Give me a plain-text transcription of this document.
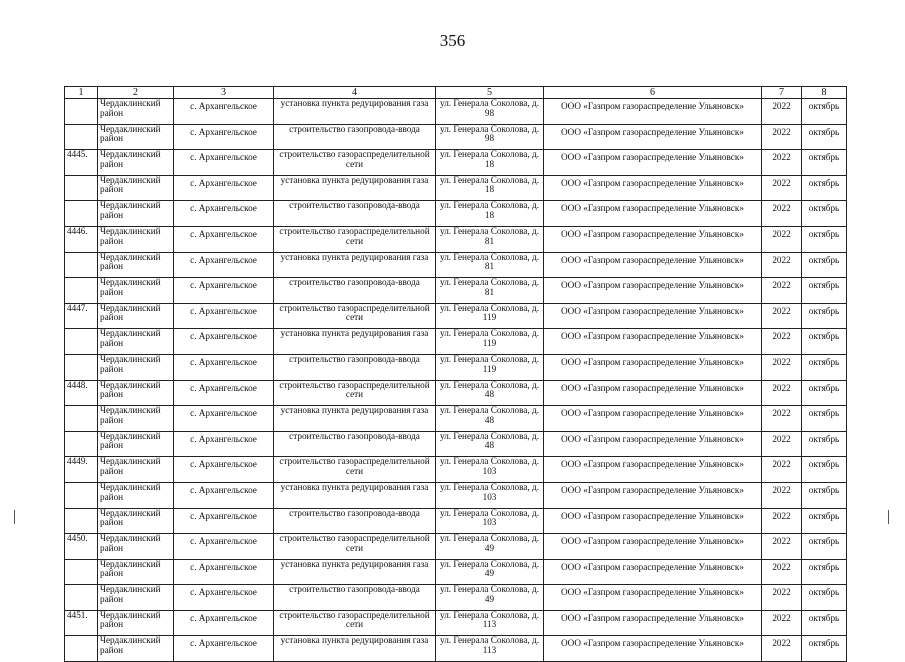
356
1	2	3	4	5	6	7	8
	Чердаклинский район	с. Архангельское	установка пункта редуцирования газа	ул. Генерала Соколова, д. 98	ООО «Газпром газораспределение Ульяновск»	2022	октябрь
	Чердаклинский район	с. Архангельское	строительство газопровода-ввода	ул. Генерала Соколова, д. 98	ООО «Газпром газораспределение Ульяновск»	2022	октябрь
4445.	Чердаклинский район	с. Архангельское	строительство газораспределительной сети	ул. Генерала Соколова, д. 18	ООО «Газпром газораспределение Ульяновск»	2022	октябрь
	Чердаклинский район	с. Архангельское	установка пункта редуцирования газа	ул. Генерала Соколова, д. 18	ООО «Газпром газораспределение Ульяновск»	2022	октябрь
	Чердаклинский район	с. Архангельское	строительство газопровода-ввода	ул. Генерала Соколова, д. 18	ООО «Газпром газораспределение Ульяновск»	2022	октябрь
4446.	Чердаклинский район	с. Архангельское	строительство газораспределительной сети	ул. Генерала Соколова, д. 81	ООО «Газпром газораспределение Ульяновск»	2022	октябрь
	Чердаклинский район	с. Архангельское	установка пункта редуцирования газа	ул. Генерала Соколова, д. 81	ООО «Газпром газораспределение Ульяновск»	2022	октябрь
	Чердаклинский район	с. Архангельское	строительство газопровода-ввода	ул. Генерала Соколова, д. 81	ООО «Газпром газораспределение Ульяновск»	2022	октябрь
4447.	Чердаклинский район	с. Архангельское	строительство газораспределительной сети	ул. Генерала Соколова, д. 119	ООО «Газпром газораспределение Ульяновск»	2022	октябрь
	Чердаклинский район	с. Архангельское	установка пункта редуцирования газа	ул. Генерала Соколова, д. 119	ООО «Газпром газораспределение Ульяновск»	2022	октябрь
	Чердаклинский район	с. Архангельское	строительство газопровода-ввода	ул. Генерала Соколова, д. 119	ООО «Газпром газораспределение Ульяновск»	2022	октябрь
4448.	Чердаклинский район	с. Архангельское	строительство газораспределительной сети	ул. Генерала Соколова, д. 48	ООО «Газпром газораспределение Ульяновск»	2022	октябрь
	Чердаклинский район	с. Архангельское	установка пункта редуцирования газа	ул. Генерала Соколова, д. 48	ООО «Газпром газораспределение Ульяновск»	2022	октябрь
	Чердаклинский район	с. Архангельское	строительство газопровода-ввода	ул. Генерала Соколова, д. 48	ООО «Газпром газораспределение Ульяновск»	2022	октябрь
4449.	Чердаклинский район	с. Архангельское	строительство газораспределительной сети	ул. Генерала Соколова, д. 103	ООО «Газпром газораспределение Ульяновск»	2022	октябрь
	Чердаклинский район	с. Архангельское	установка пункта редуцирования газа	ул. Генерала Соколова, д. 103	ООО «Газпром газораспределение Ульяновск»	2022	октябрь
	Чердаклинский район	с. Архангельское	строительство газопровода-ввода	ул. Генерала Соколова, д. 103	ООО «Газпром газораспределение Ульяновск»	2022	октябрь
4450.	Чердаклинский район	с. Архангельское	строительство газораспределительной сети	ул. Генерала Соколова, д. 49	ООО «Газпром газораспределение Ульяновск»	2022	октябрь
	Чердаклинский район	с. Архангельское	установка пункта редуцирования газа	ул. Генерала Соколова, д. 49	ООО «Газпром газораспределение Ульяновск»	2022	октябрь
	Чердаклинский район	с. Архангельское	строительство газопровода-ввода	ул. Генерала Соколова, д. 49	ООО «Газпром газораспределение Ульяновск»	2022	октябрь
4451.	Чердаклинский район	с. Архангельское	строительство газораспределительной сети	ул. Генерала Соколова, д. 113	ООО «Газпром газораспределение Ульяновск»	2022	октябрь
	Чердаклинский район	с. Архангельское	установка пункта редуцирования газа	ул. Генерала Соколова, д. 113	ООО «Газпром газораспределение Ульяновск»	2022	октябрь
